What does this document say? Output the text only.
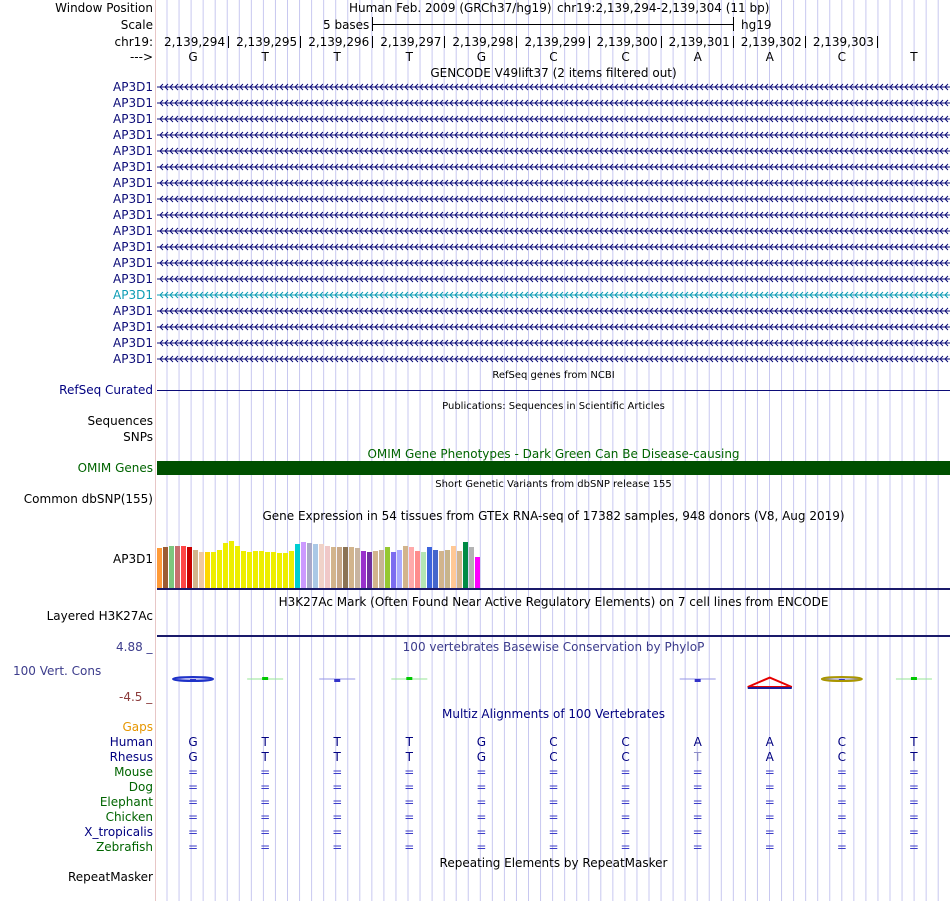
Window Position	Human Feb. 2009 (GRCh37/hg19) chr19:2,139,294-2,139,304 (11 bp)
Scale	5 bases	hg19
chr19: 2,139,294 2,139,295 2,139,296 2,139,297 2,139,298 2,139,299 2,139,300 2,139,301 2,139,302 2,139,303
--->	G	T	T	T	G	C	C	A	A	C	T
GENCODE V49lift37 (2 items filtered out)
AP3D1
AP3D1
AP3D1
AP3D1
AP3D1
AP3D1
AP3D1
AP3D1
AP3D1
AP3D1
AP3D1
AP3D1
AP3D1
AP3D1
AP3D1
AP3D1
AP3D1
AP3D1
RefSeq genes from NCBI
RefSeq Curated
Publications: Sequences in Scientific Articles
Sequences
SNPs
OMIM Gene Phenotypes - Dark Green Can Be Disease-causing
OMIM Genes
Short Genetic Variants from dbSNP release 155
Common dbSNP(155)
Gene Expression in 54 tissues from GTEx RNA-seq of 17382 samples, 948 donors (V8, Aug 2019)
AP3D1
H3K27Ac Mark (Often Found Near Active Regulatory Elements) on 7 cell lines from ENCODE
Layered H3K27Ac
100 vertebrates Basewise Conservation by PhyloP
4.88 _
100 Vert. Cons
-4.5 _
Gaps
Multiz Alignments of 100 Vertebrates
Human	G	T	T	T	G	C	C	A	A	C	T
Rhesus	G	T	T	T	G	C	C	T	A	C	T
Mouse	=	=	=	=	=	=	=	=	=	=	=
Dog	=	=	=	=	=	=	=	=	=	=	=
Elephant	=	=	=	=	=	=	=	=	=	=	=
Chicken	=	=	=	=	=	=	=	=	=	=	=
X_tropicalis	=	=	=	=	=	=	=	=	=	=	=
Zebrafish	=	=	=	=	=	=	=	=	=	=	=
Repeating Elements by RepeatMasker
RepeatMasker
